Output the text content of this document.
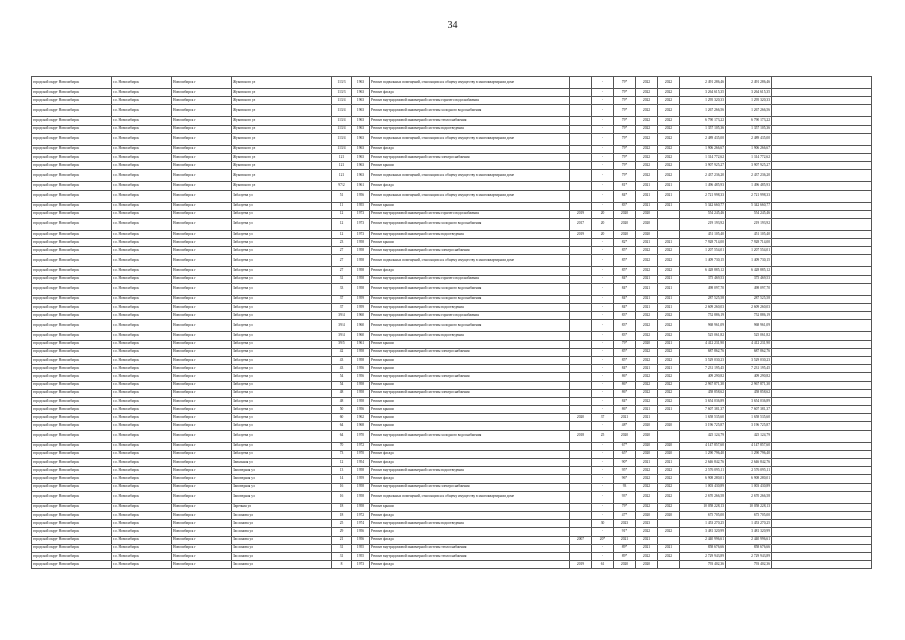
34
городской округ Новосибирск	г.о. Новосибирск	Новосибирск г	Жуковского ул	113/3	1963	Ремонт подвальных помещений, относящихся к общему имуществу в многоквартирном доме		-	79*	2022	2022	2 491 286,46	2 491 286,46	
городской округ Новосибирск	г.о. Новосибирск	Новосибирск г	Жуковского ул	113/3	1963	Ремонт фасада		-	79*	2022	2022	3 264 615,35	3 264 615,35	
городской округ Новосибирск	г.о. Новосибирск	Новосибирск г	Жуковского ул	113/4	1963	Ремонт внутридомовой инженерной системы горячего водоснабжения		-	79*	2022	2022	1 295 320,33	1 295 320,33	
городской округ Новосибирск	г.о. Новосибирск	Новосибирск г	Жуковского ул	113/4	1963	Ремонт внутридомовой инженерной системы холодного водоснабжения		-	79*	2022	2022	1 267 266,56	1 267 266,56	
городской округ Новосибирск	г.о. Новосибирск	Новосибирск г	Жуковского ул	113/4	1963	Ремонт внутридомовой инженерной системы теплоснабжения		-	79*	2022	2022	6 790 173,22	6 790 173,22	
городской округ Новосибирск	г.о. Новосибирск	Новосибирск г	Жуковского ул	113/4	1963	Ремонт внутридомовой инженерной системы водоотведения		-	79*	2022	2022	1 357 105,36	1 357 105,36	
городской округ Новосибирск	г.о. Новосибирск	Новосибирск г	Жуковского ул	113/4	1963	Ремонт подвальных помещений, относящихся к общему имуществу в многоквартирном доме		-	79*	2022	2022	2 489 435,00	2 489 435,00	
городской округ Новосибирск	г.о. Новосибирск	Новосибирск г	Жуковского ул	113/4	1963	Ремонт фасада		-	79*	2022	2022	1 906 266,67	1 906 266,67	
городской округ Новосибирск	г.о. Новосибирск	Новосибирск г	Жуковского ул	121	1963	Ремонт внутридомовой инженерной системы электроснабжения		-	79*	2022	2022	1 314 772,62	1 314 772,62	
городской округ Новосибирск	г.о. Новосибирск	Новосибирск г	Жуковского ул	121	1963	Ремонт крыши		-	79*	2022	2022	3 907 925,27	3 907 925,27	
городской округ Новосибирск	г.о. Новосибирск	Новосибирск г	Жуковского ул	121	1963	Ремонт подвальных помещений, относящихся к общему имуществу в многоквартирном доме		-	79*	2022	2022	2 437 236,20	2 437 236,20	
городской округ Новосибирск	г.о. Новосибирск	Новосибирск г	Жуковского ул	97/2	1961	Ремонт фасада		-	81*	2021	2021	1 496 485,93	1 496 485,93	
городской округ Новосибирск	г.о. Новосибирск	Новосибирск г	Забалуева ул	51	1956	Ремонт подвальных помещений, относящихся к общему имуществу в многоквартирном доме		-	84*	2021	2021	2 721 998,33	2 721 998,33	
городской округ Новосибирск	г.о. Новосибирск	Новосибирск г	Забалуева ул	11	1955	Ремонт крыши		-	83*	2021	2021	5 342 660,77	5 342 660,77	
городской округ Новосибирск	г.о. Новосибирск	Новосибирск г	Забалуева ул	12	1973	Ремонт внутридомовой инженерной системы горячего водоснабжения	2019	20	2020	2020		554 245,46	554 245,46	
городской округ Новосибирск	г.о. Новосибирск	Новосибирск г	Забалуева ул	12	1973	Ремонт внутридомовой инженерной системы холодного водоснабжения	2017	20	2020	2020		219 193,92	219 193,92	
городской округ Новосибирск	г.о. Новосибирск	Новосибирск г	Забалуева ул	12	1973	Ремонт внутридомовой инженерной системы водоотведения	2019	20	2020	2020		451 105,40	451 105,40	
городской округ Новосибирск	г.о. Новосибирск	Новосибирск г	Забалуева ул	23	1958	Ремонт крыши		-	82*	2021	2021	7 928 714,00	7 928 714,00	
городской округ Новосибирск	г.о. Новосибирск	Новосибирск г	Забалуева ул	27	1958	Ремонт внутридомовой инженерной системы электроснабжения		-	85*	2022	2022	1 207 554,01	1 207 554,01	
городской округ Новосибирск	г.о. Новосибирск	Новосибирск г	Забалуева ул	27	1958	Ремонт подвальных помещений, относящихся к общему имуществу в многоквартирном доме		-	85*	2022	2022	1 409 730,15	1 409 730,15	
городской округ Новосибирск	г.о. Новосибирск	Новосибирск г	Забалуева ул	27	1958	Ремонт фасада		-	85*	2022	2022	6 428 885,12	6 428 885,12	
городской округ Новосибирск	г.о. Новосибирск	Новосибирск г	Забалуева ул	31	1958	Ремонт внутридомовой инженерной системы горячего водоснабжения		-	84*	2021	2021	375 469,53	375 469,53	
городской округ Новосибирск	г.о. Новосибирск	Новосибирск г	Забалуева ул	33	1958	Ремонт внутридомовой инженерной системы холодного водоснабжения		-	84*	2021	2021	498 097,70	498 097,70	
городской округ Новосибирск	г.о. Новосибирск	Новосибирск г	Забалуева ул	37	1959	Ремонт внутридомовой инженерной системы холодного водоснабжения		-	84*	2021	2021	287 525,58	287 525,58	
городской округ Новосибирск	г.о. Новосибирск	Новосибирск г	Забалуева ул	37	1959	Ремонт внутридомовой инженерной системы водоотведения		-	84*	2021	2021	2 609 260,03	2 609 260,03	
городской округ Новосибирск	г.о. Новосибирск	Новосибирск г	Забалуева ул	39/4	1960	Ремонт внутридомовой инженерной системы горячего водоснабжения		-	83*	2022	2022	752 886,19	752 886,19	
городской округ Новосибирск	г.о. Новосибирск	Новосибирск г	Забалуева ул	39/4	1960	Ремонт внутридомовой инженерной системы холодного водоснабжения		-	83*	2022	2022	968 961,09	968 961,09	
городской округ Новосибирск	г.о. Новосибирск	Новосибирск г	Забалуева ул	39/4	1960	Ремонт внутридомовой инженерной системы водоотведения		-	83*	2022	2022	525 061,82	525 061,82	
городской округ Новосибирск	г.о. Новосибирск	Новосибирск г	Забалуева ул	39/5	1961	Ремонт крыши		-	79*	2020	2021	4 412 231,90	4 412 231,90	
городской округ Новосибирск	г.о. Новосибирск	Новосибирск г	Забалуева ул	42	1958	Ремонт внутридомовой инженерной системы электроснабжения		-	85*	2022	2022	687 862,76	687 862,76	
городской округ Новосибирск	г.о. Новосибирск	Новосибирск г	Забалуева ул	43	1958	Ремонт крыши		-	85*	2022	2022	3 529 030,23	3 529 030,23	
городской округ Новосибирск	г.о. Новосибирск	Новосибирск г	Забалуева ул	43	1956	Ремонт крыши		-	84*	2021	2021	7 231 195,45	7 231 195,45	
городской округ Новосибирск	г.о. Новосибирск	Новосибирск г	Забалуева ул	54	1956	Ремонт внутридомовой инженерной системы электроснабжения		-	86*	2022	2022	409 290,82	409 290,82	
городской округ Новосибирск	г.о. Новосибирск	Новосибирск г	Забалуева ул	54	1958	Ремонт крыши		-	86*	2022	2022	2 967 871,30	2 967 871,30	
городской округ Новосибирск	г.о. Новосибирск	Новосибирск г	Забалуева ул	48	1958	Ремонт внутридомовой инженерной системы электроснабжения		-	86*	2022	2022	458 858,62	458 858,62	
городской округ Новосибирск	г.о. Новосибирск	Новосибирск г	Забалуева ул	48	1958	Ремонт крыши		-	84*	2022	2022	3 654 036,89	3 654 036,89	
городской округ Новосибирск	г.о. Новосибирск	Новосибирск г	Забалуева ул	50	1956	Ремонт крыши		-	86*	2021	2021	7 607 381,37	7 607 381,37	
городской округ Новосибирск	г.о. Новосибирск	Новосибирск г	Забалуева ул	60	1962	Ремонт крыши	2020	37	2021	2021		1 658 535,60	1 658 535,60	
городской округ Новосибирск	г.о. Новосибирск	Новосибирск г	Забалуева ул	64	1968	Ремонт крыши		-	48*	2020	2020	3 196 725,87	3 196 725,87	
городской округ Новосибирск	г.о. Новосибирск	Новосибирск г	Забалуева ул	64	1970	Ремонт внутридомовой инженерной системы холодного водоснабжения	2018	25	2020	2020		425 124,79	425 124,79	
городской округ Новосибирск	г.о. Новосибирск	Новосибирск г	Забалуева ул	70	1972	Ремонт крыши		-	67*	2020	2020	4 147 857,60	4 147 857,60	
городской округ Новосибирск	г.о. Новосибирск	Новосибирск г	Забалуева ул	73	1970	Ремонт фасада		-	65*	2020	2020	1 290 796,40	1 290 796,40	
городской округ Новосибирск	г.о. Новосибирск	Новосибирск г	Завальная ул	12	1954	Ремонт фасада		-	90*	2021	2021	2 646 842,76	2 646 842,76	
городской округ Новосибирск	г.о. Новосибирск	Новосибирск г	Заповедная ул	13	1958	Ремонт внутридомовой инженерной системы водоотведения		-	95*	2022	2022	2 576 095,11	2 576 095,11	
городской округ Новосибирск	г.о. Новосибирск	Новосибирск г	Заповедная ул	14	1959	Ремонт фасада		-	96*	2022	2022	6 908 280,01	6 908 280,01	
городской округ Новосибирск	г.о. Новосибирск	Новосибирск г	Заповедная ул	16	1958	Ремонт внутридомовой инженерной системы электроснабжения		-	93	2022	2022	1 003 430,89	1 003 430,89	
городской округ Новосибирск	г.о. Новосибирск	Новосибирск г	Заповедная ул	16	1958	Ремонт подвальных помещений, относящихся к общему имуществу в многоквартирном доме		-	93*	2022	2022	2 670 266,58	2 670 266,58	
городской округ Новосибирск	г.о. Новосибирск	Новосибирск г	Заречная ул	18	1958	Ремонт крыши		-	79*	2022	2022	10 058 228,13	10 058 228,13	
городской округ Новосибирск	г.о. Новосибирск	Новосибирск г	Заслонова ул	18	1972	Ремонт фасада		-	47*	2020	2020	675 705,00	675 705,00	
городской округ Новосибирск	г.о. Новосибирск	Новосибирск г	Заслонова ул	25	1974	Ремонт внутридомовой инженерной системы водоотведения		30	2023	2023		1 453 270,25	1 453 270,25	
городской округ Новосибирск	г.о. Новосибирск	Новосибирск г	Заслонова ул	29	1956	Ремонт фасада		-	91*	2022	2022	3 481 320,99	3 481 320,99	
городской округ Новосибирск	г.о. Новосибирск	Новосибирск г	Заслонова ул	21	1956	Ремонт фасада	2007	20*	2021	2021		2 440 996,61	2 440 996,61	
городской округ Новосибирск	г.о. Новосибирск	Новосибирск г	Заслонова ул	31	1955	Ремонт внутридомовой инженерной системы теплоснабжения		-	89*	2021	2021	858 676,66	858 676,66	
городской округ Новосибирск	г.о. Новосибирск	Новосибирск г	Заслонова ул	31	1955	Ремонт внутридомовой инженерной системы теплоснабжения		-	89*	2022	2022	2 729 943,89	2 729 943,89	
городской округ Новосибирск	г.о. Новосибирск	Новосибирск г	Заслонова ул	8	1973	Ремонт фасада	2019	61	2020	2020		793 402,36	793 402,36	
